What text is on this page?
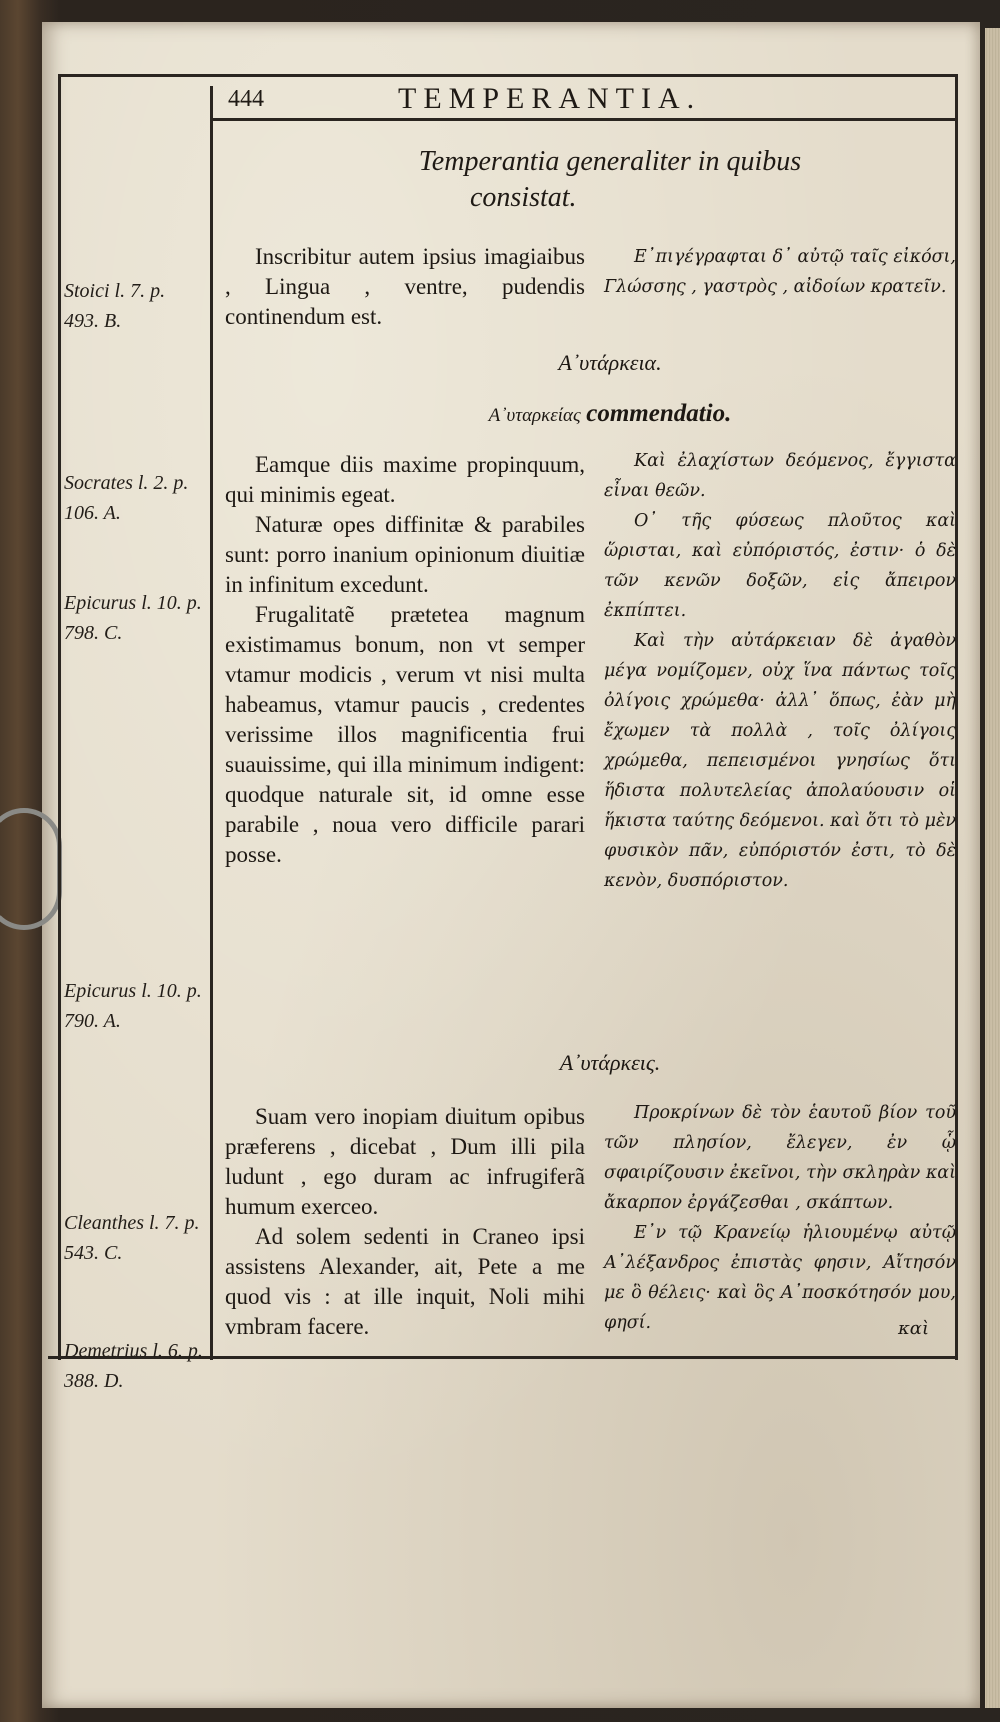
444	TEMPERANTIA.
Temperantia generaliter in quibus
consistat.
Stoici l. 7. p. 493. B.

Inscribitur autem ipsius imagiaibus , Lingua , ventre, pudendis continendum est.

Ε᾽πιγέγραφται δ᾽ αὐτῷ ταῖς εἰκόσι, Γλώσσης , γαστρὸς , αἰδοίων κρατεῖν.

Α᾽υτάρκεια.
Α᾽υταρκείας commendatio.
Socrates l. 2. p. 106. A.
Epicurus l. 10. p. 798. C.
Epicurus l. 10. p. 790. A.

Eamque diis maxime propinquum, qui minimis egeat.

Naturæ opes diffinitæ & parabiles sunt: porro inanium opinionum diuitiæ in infinitum excedunt.

Frugalitatẽ prætetea magnum existimamus bonum, non vt semper vtamur modicis , verum vt nisi multa habeamus, vtamur paucis , credentes verissime illos magnificentia frui suauissime, qui illa minimum indigent: quodque naturale sit, id omne esse parabile , noua vero difficile parari posse.

Καὶ ἐλαχίστων δεόμενος, ἔγγιστα εἶναι θεῶν.

Ο᾽ τῆς φύσεως πλοῦτος καὶ ὥρισται, καὶ εὐπόριστός, ἐστιν· ὁ δὲ τῶν κενῶν δοξῶν, εἰς ἄπειρον ἐκπίπτει.

Καὶ τὴν αὐτάρκειαν δὲ ἀγαθὸν μέγα νομίζομεν, οὐχ ἵνα πάντως τοῖς ὀλίγοις χρώμεθα· ἀλλ᾽ ὅπως, ἐὰν μὴ ἔχωμεν τὰ πολλὰ , τοῖς ὀλίγοις χρώμεθα, πεπεισμένοι γνησίως ὅτι ἥδιστα πολυτελείας ἀπολαύουσιν οἱ ἥκιστα ταύτης δεόμενοι. καὶ ὅτι τὸ μὲν φυσικὸν πᾶν, εὐπόριστόν ἐστι, τὸ δὲ κενὸν, δυσπόριστον.

Α᾽υτάρκεις.
Cleanthes l. 7. p. 543. C.
Demetrius l. 6. p. 388. D.

Suam vero inopiam diuitum opibus præferens , dicebat , Dum illi pila ludunt , ego duram ac infrugiferã humum exerceo.

Ad solem sedenti in Craneo ipsi assistens Alexander, ait, Pete a me quod vis : at ille inquit, Noli mihi vmbram facere.

Προκρίνων δὲ τὸν ἑαυτοῦ βίον τοῦ τῶν πλησίον, ἔλεγεν, ἐν ᾧ σφαιρίζουσιν ἐκεῖνοι, τὴν σκληρὰν καὶ ἄκαρπον ἐργάζεσθαι , σκάπτων.

Ε᾽ν τῷ Κρανείῳ ἡλιουμένῳ αὐτῷ Α᾽λέξανδρος ἐπιστὰς φησιν, Αἴτησόν με ὃ θέλεις· καὶ ὃς Α᾽ποσκότησόν μου, φησί.	καὶ
